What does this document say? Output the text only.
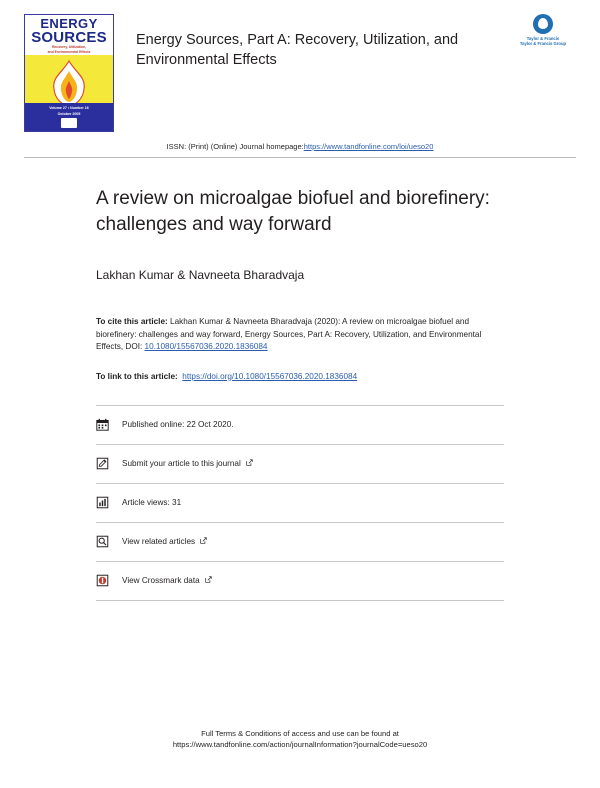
ENERGY
SOURCES
Recovery, Utilization,
and Environmental Effects
Volume 27 • Number 16
October 2005
Energy Sources, Part A: Recovery, Utilization, and Environmental Effects
Taylor & Francis
Taylor & Francis Group
ISSN: (Print) (Online) Journal homepage: https://www.tandfonline.com/loi/ueso20
A review on microalgae biofuel and biorefinery: challenges and way forward
Lakhan Kumar & Navneeta Bharadvaja
To cite this article: Lakhan Kumar & Navneeta Bharadvaja (2020): A review on microalgae biofuel and biorefinery: challenges and way forward, Energy Sources, Part A: Recovery, Utilization, and Environmental Effects, DOI: 10.1080/15567036.2020.1836084
To link to this article: https://doi.org/10.1080/15567036.2020.1836084
Published online: 22 Oct 2020.
Submit your article to this journal
Article views: 31
View related articles
View Crossmark data
Full Terms & Conditions of access and use can be found at
https://www.tandfonline.com/action/journalInformation?journalCode=ueso20
